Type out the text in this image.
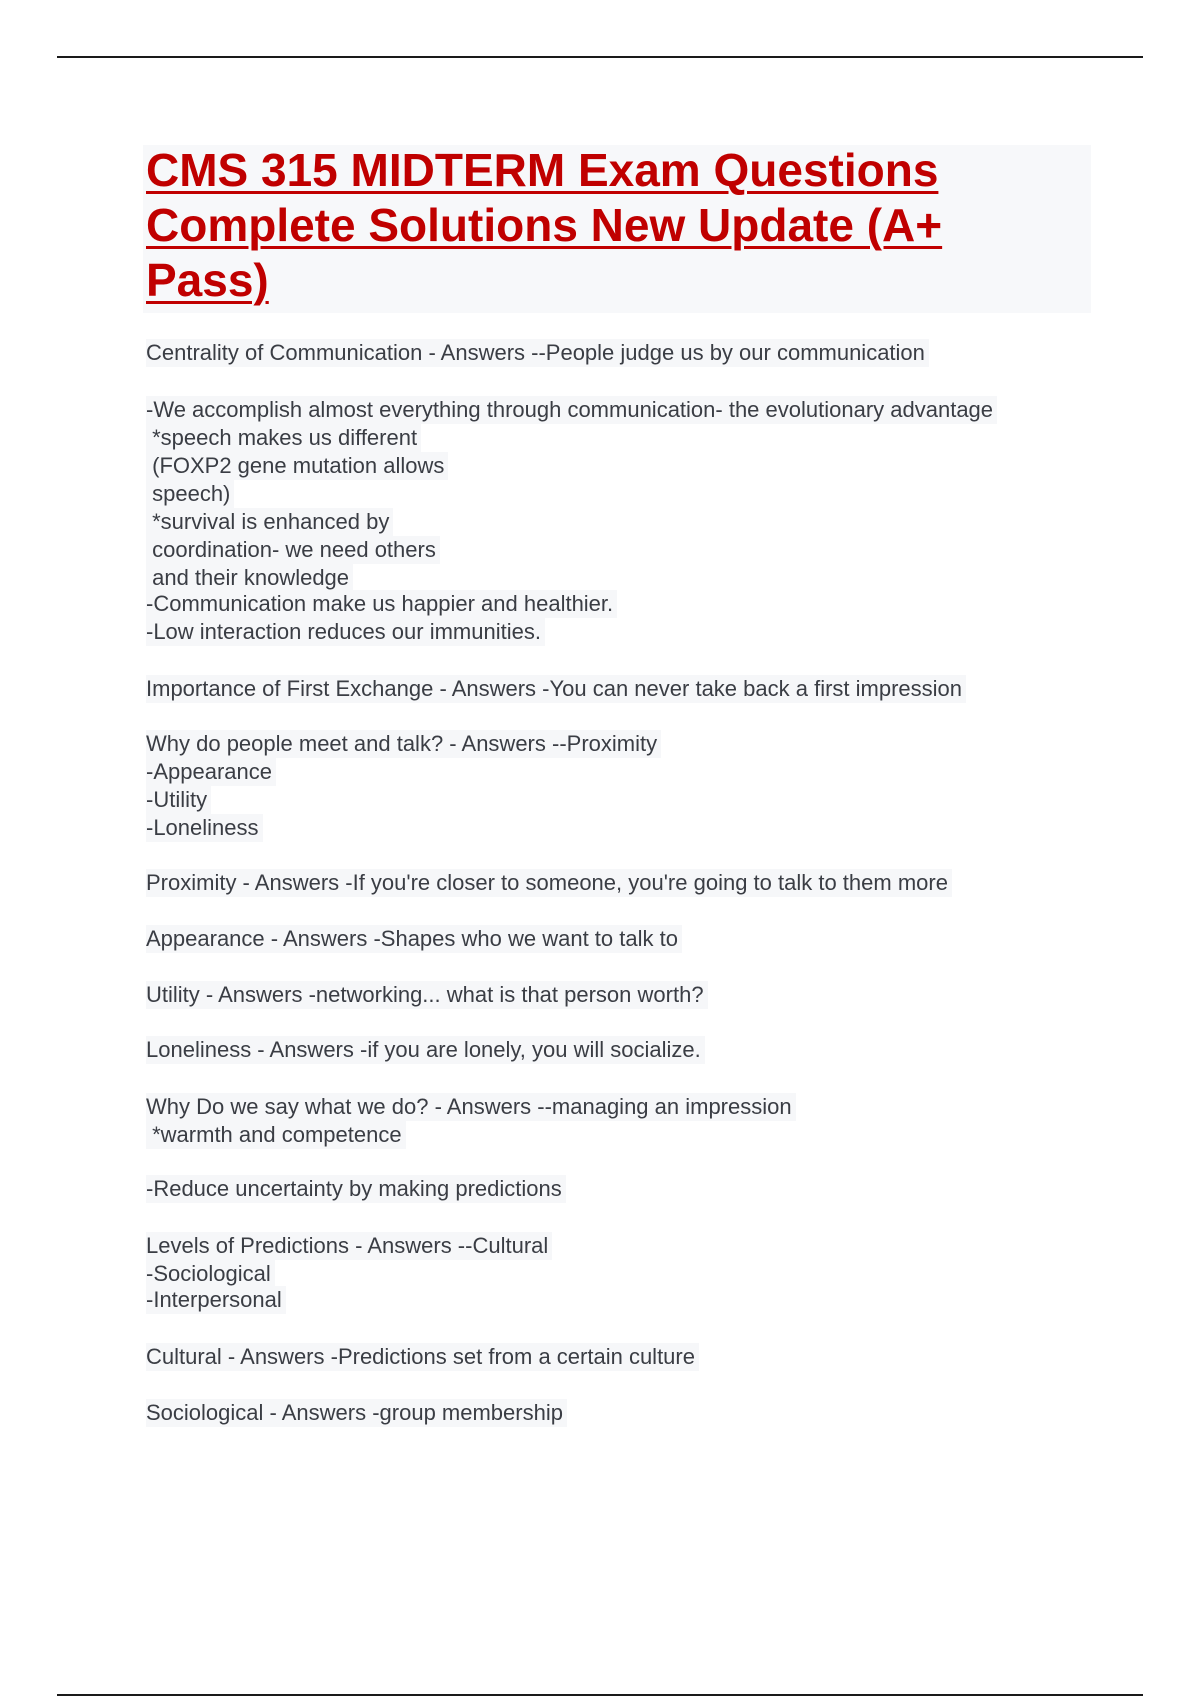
CMS 315 MIDTERM Exam Questions Complete Solutions New Update (A+ Pass)
Centrality of Communication - Answers --People judge us by our communication
-We accomplish almost everything through communication- the evolutionary advantage
*speech makes us different
(FOXP2 gene mutation allows
speech)
*survival is enhanced by
coordination- we need others
and their knowledge
-Communication make us happier and healthier.
-Low interaction reduces our immunities.
Importance of First Exchange - Answers -You can never take back a first impression
Why do people meet and talk? - Answers --Proximity
-Appearance
-Utility
-Loneliness
Proximity - Answers -If you're closer to someone, you're going to talk to them more
Appearance - Answers -Shapes who we want to talk to
Utility - Answers -networking... what is that person worth?
Loneliness - Answers -if you are lonely, you will socialize.
Why Do we say what we do? - Answers --managing an impression
*warmth and competence
-Reduce uncertainty by making predictions
Levels of Predictions - Answers --Cultural
-Sociological
-Interpersonal
Cultural - Answers -Predictions set from a certain culture
Sociological - Answers -group membership
